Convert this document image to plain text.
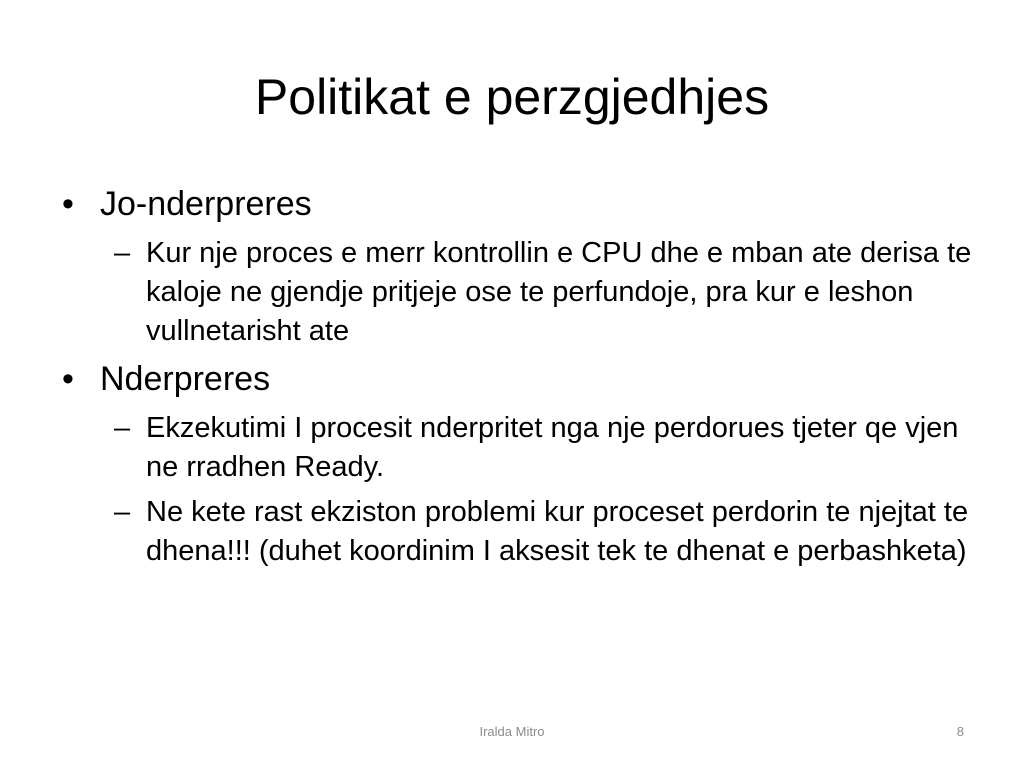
Politikat e perzgjedhjes
• Jo-nderpreres
– Kur nje proces e merr kontrollin e CPU dhe e mban ate derisa te kaloje ne gjendje pritjeje ose te perfundoje, pra kur e leshon vullnetarisht ate
• Nderpreres
– Ekzekutimi I procesit nderpritet nga nje perdorues tjeter qe vjen ne rradhen Ready.
– Ne kete rast ekziston problemi kur proceset perdorin te njejtat te dhena!!! (duhet koordinim I aksesit tek te dhenat e perbashketa)
Iralda Mitro	8
